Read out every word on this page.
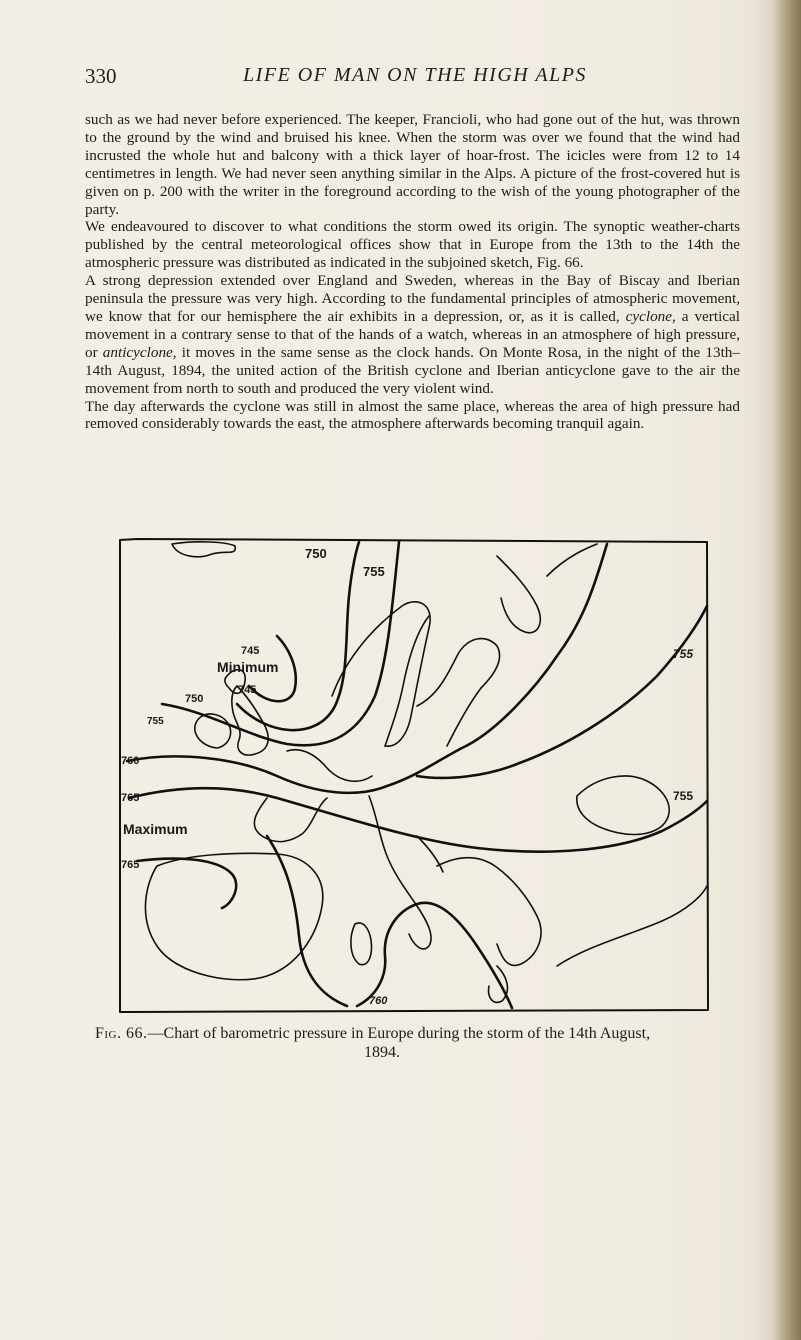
330	LIFE OF MAN ON THE HIGH ALPS

such as we had never before experienced. The keeper, Francioli, who had gone out of the hut, was thrown to the ground by the wind and bruised his knee. When the storm was over we found that the wind had incrusted the whole hut and balcony with a thick layer of hoar-frost. The icicles were from 12 to 14 centimetres in length. We had never seen anything similar in the Alps. A picture of the frost-covered hut is given on p. 200 with the writer in the foreground according to the wish of the young photographer of the party.

We endeavoured to discover to what conditions the storm owed its origin. The synoptic weather-charts published by the central meteorological offices show that in Europe from the 13th to the 14th the atmospheric pressure was distributed as indicated in the subjoined sketch, Fig. 66.

A strong depression extended over England and Sweden, whereas in the Bay of Biscay and Iberian peninsula the pressure was very high. According to the fundamental principles of atmospheric movement, we know that for our hemisphere the air exhibits in a depression, or, as it is called, cyclone, a vertical movement in a contrary sense to that of the hands of a watch, whereas in an atmosphere of high pressure, or anticyclone, it moves in the same sense as the clock hands. On Monte Rosa, in the night of the 13th–14th August, 1894, the united action of the British cyclone and Iberian anticyclone gave to the air the movement from north to south and produced the very violent wind.

The day afterwards the cyclone was still in almost the same place, whereas the area of high pressure had removed considerably towards the east, the atmosphere afterwards becoming tranquil again.

750
755
745
Minimum
745
750
755
760
765
Maximum
765
755
755
760

Fig. 66.—Chart of barometric pressure in Europe during the storm of the 14th August,
1894.
